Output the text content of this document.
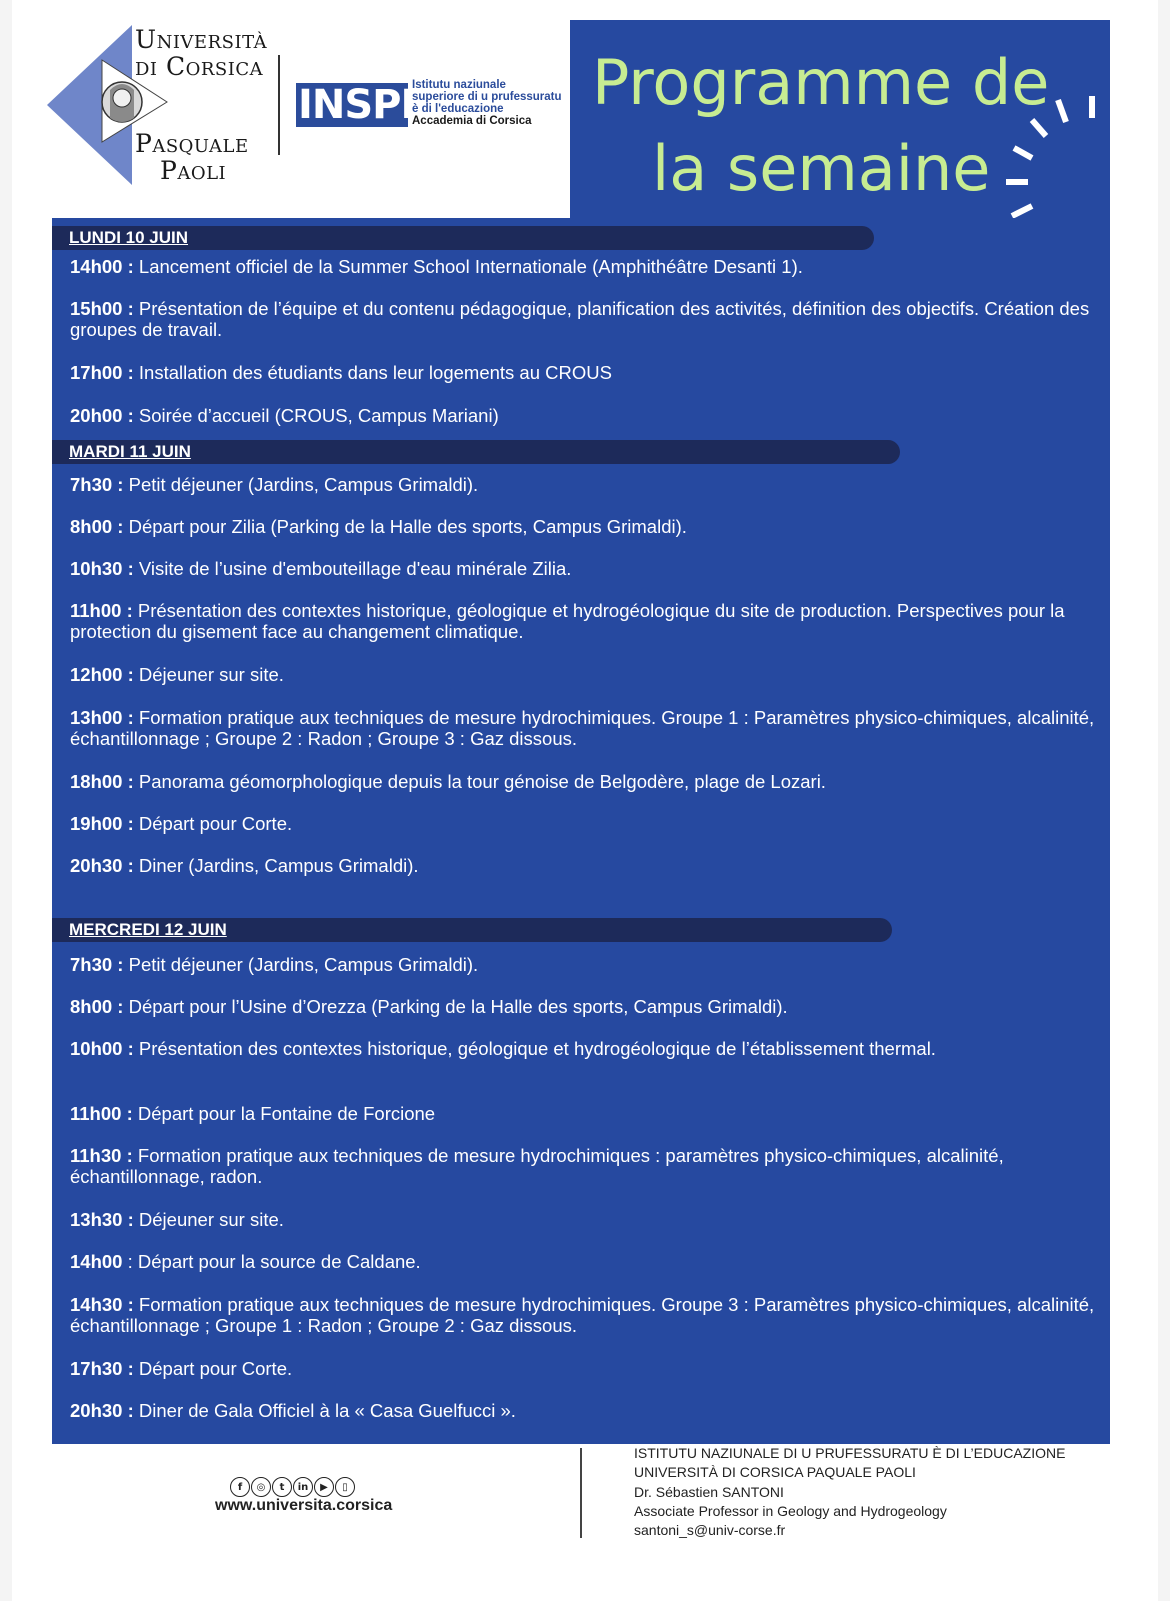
Università
di Corsica
Pasquale
Paoli
INSPÉ
Istitutu naziunale
superiore di u prufessuratu
è di l'educazione
Accademia di Corsica
Programme de
la semaine
LUNDI 10 JUIN
14h00 : Lancement officiel de la Summer School Internationale (Amphithéâtre Desanti 1).
15h00 : Présentation de l’équipe et du contenu pédagogique, planification des activités, définition des objectifs. Création des groupes de travail.
17h00 : Installation des étudiants dans leur logements au CROUS
20h00 : Soirée d’accueil (CROUS, Campus Mariani)
MARDI 11 JUIN
7h30 : Petit déjeuner (Jardins, Campus Grimaldi).
8h00 : Départ pour Zilia (Parking de la Halle des sports, Campus Grimaldi).
10h30 : Visite de l’usine d'embouteillage d'eau minérale Zilia.
11h00 : Présentation des contextes historique, géologique et hydrogéologique du site de production. Perspectives pour la protection du gisement face au changement climatique.
12h00 : Déjeuner sur site.
13h00 : Formation pratique aux techniques de mesure hydrochimiques. Groupe 1 : Paramètres physico-chimiques, alcalinité, échantillonnage ; Groupe 2 : Radon ; Groupe 3 : Gaz dissous.
18h00 : Panorama géomorphologique depuis la tour génoise de Belgodère, plage de Lozari.
19h00 : Départ pour Corte.
20h30 : Diner (Jardins, Campus Grimaldi).
MERCREDI 12 JUIN
7h30 : Petit déjeuner (Jardins, Campus Grimaldi).
8h00 : Départ pour l’Usine d’Orezza (Parking de la Halle des sports, Campus Grimaldi).
10h00 : Présentation des contextes historique, géologique et hydrogéologique de l’établissement thermal.
11h00 : Départ pour la Fontaine de Forcione
11h30 : Formation pratique aux techniques de mesure hydrochimiques : paramètres physico-chimiques, alcalinité, échantillonnage, radon.
13h30 : Déjeuner sur site.
14h00 : Départ pour la source de Caldane.
14h30 : Formation pratique aux techniques de mesure hydrochimiques. Groupe 3 : Paramètres physico-chimiques, alcalinité, échantillonnage ; Groupe 1 : Radon ; Groupe 2 : Gaz dissous.
17h30 : Départ pour Corte.
20h30 : Diner de Gala Officiel à la « Casa Guelfucci ».
f	◎	t	in	▶	▯
www.universita.corsica
ISTITUTU NAZIUNALE DI U PRUFESSURATU È DI L’EDUCAZIONE
UNIVERSITÀ DI CORSICA PAQUALE PAOLI
Dr. Sébastien SANTONI
Associate Professor in Geology and Hydrogeology
santoni_s@univ-corse.fr
